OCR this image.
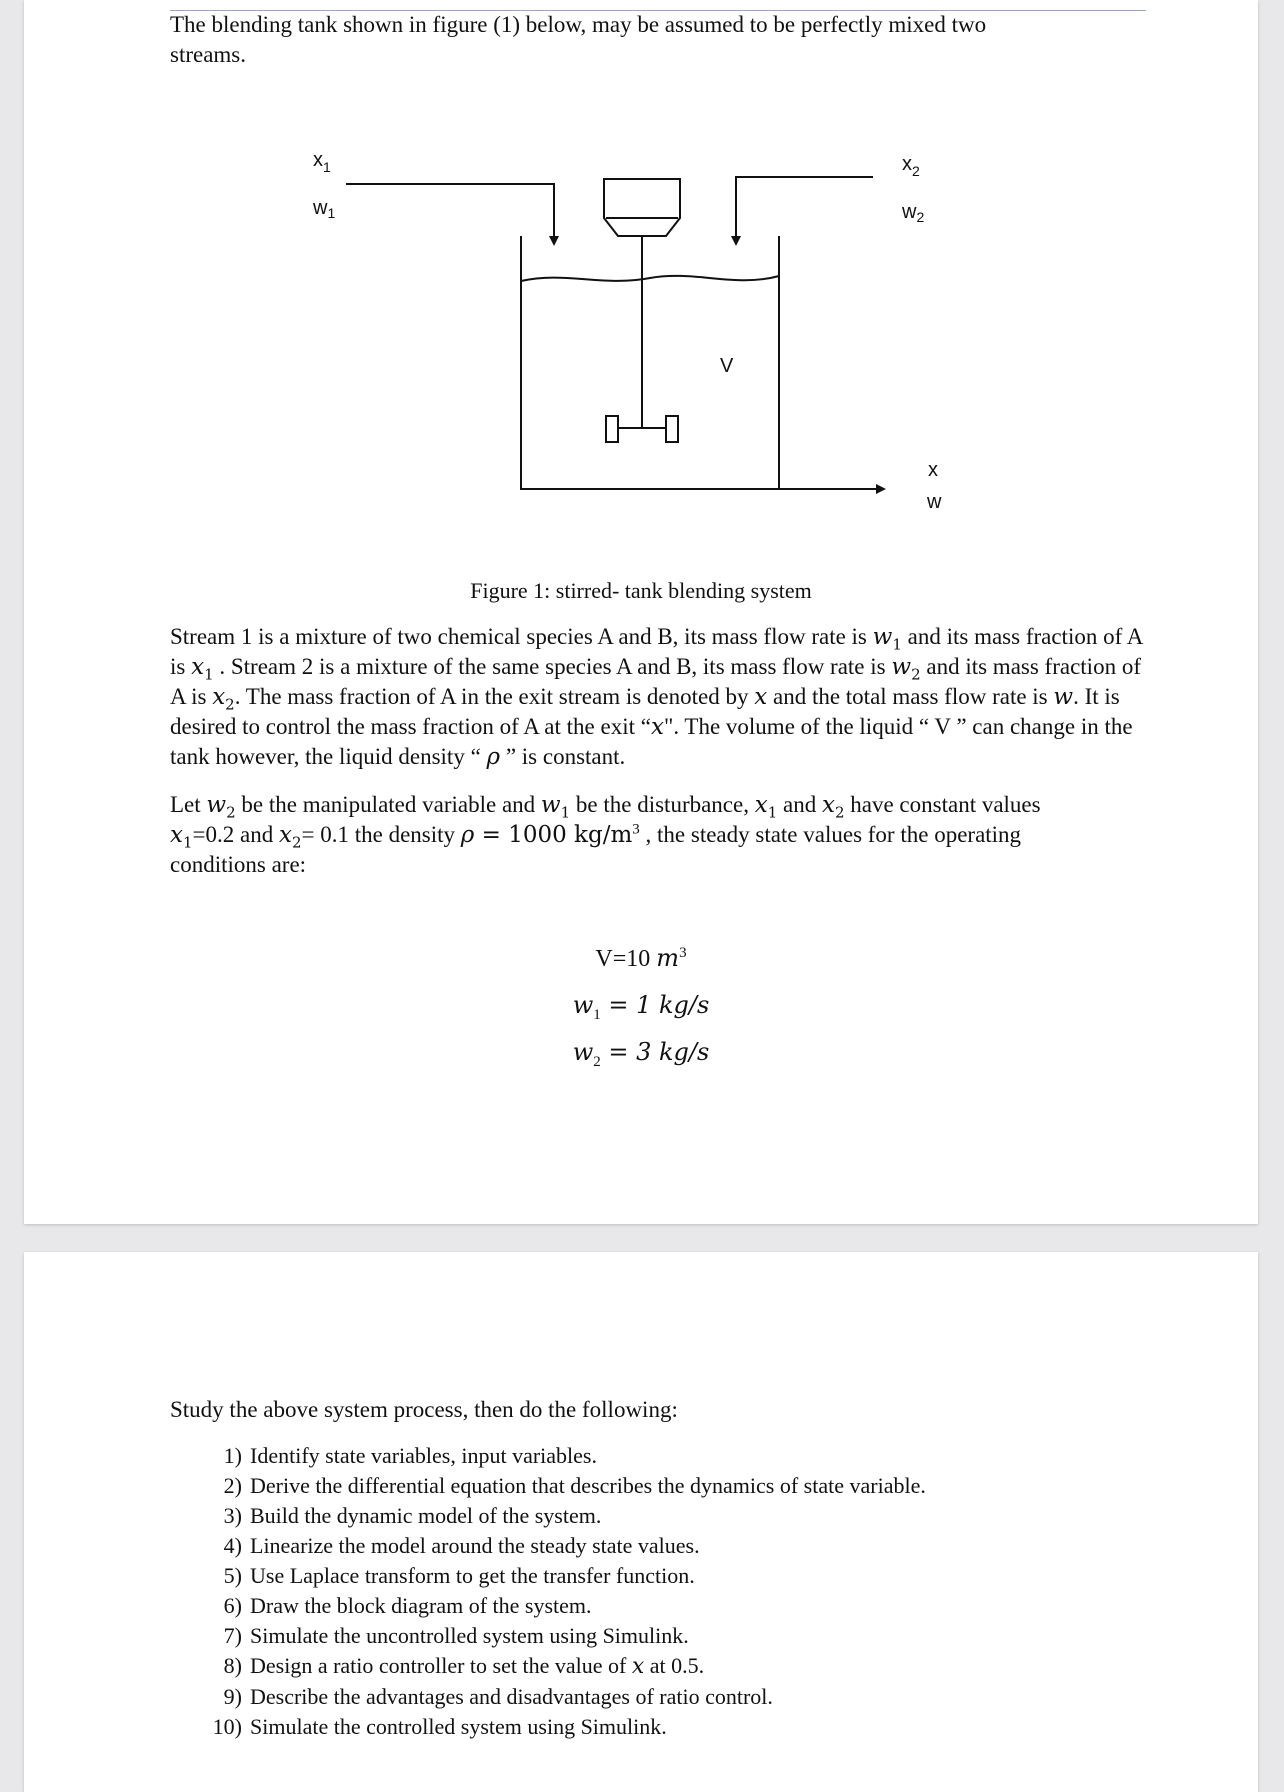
The blending tank shown in figure (1) below, may be assumed to be perfectly mixed two
streams.

$x_1$
$w_1$
$x_2$
$w_2$
V
x
w
Figure 1: stirred- tank blending system

Stream 1 is a mixture of two chemical species A and B, its mass flow rate is $w_1$ and its mass fraction of A is $x_1$ . Stream 2 is a mixture of the same species A and B, its mass flow rate is $w_2$ and its mass fraction of A is $x_2$. The mass fraction of A in the exit stream is denoted by x and the total mass flow rate is w. It is desired to control the mass fraction of A at the exit “x". The volume of the liquid “ V ” can change in the tank however, the liquid density “ ρ ” is constant.

Let $w_2$ be the manipulated variable and $w_1$ be the disturbance, $x_1$ and $x_2$ have constant values
$x_1=0.2$ and $x_2= 0.1$ the density ρ = 1000 $kg/m^3$ , the steady state values for the operating
conditions are:

V=10 $m^3$
$w_1 = 1$ kg/s
$w_2 = 3$ kg/s

Study the above system process, then do the following:

1) Identify state variables, input variables.
2) Derive the differential equation that describes the dynamics of state variable.
3) Build the dynamic model of the system.
4) Linearize the model around the steady state values.
5) Use Laplace transform to get the transfer function.
6) Draw the block diagram of the system.
7) Simulate the uncontrolled system using Simulink.
8) Design a ratio controller to set the value of x at 0.5.
9) Describe the advantages and disadvantages of ratio control.
10) Simulate the controlled system using Simulink.
